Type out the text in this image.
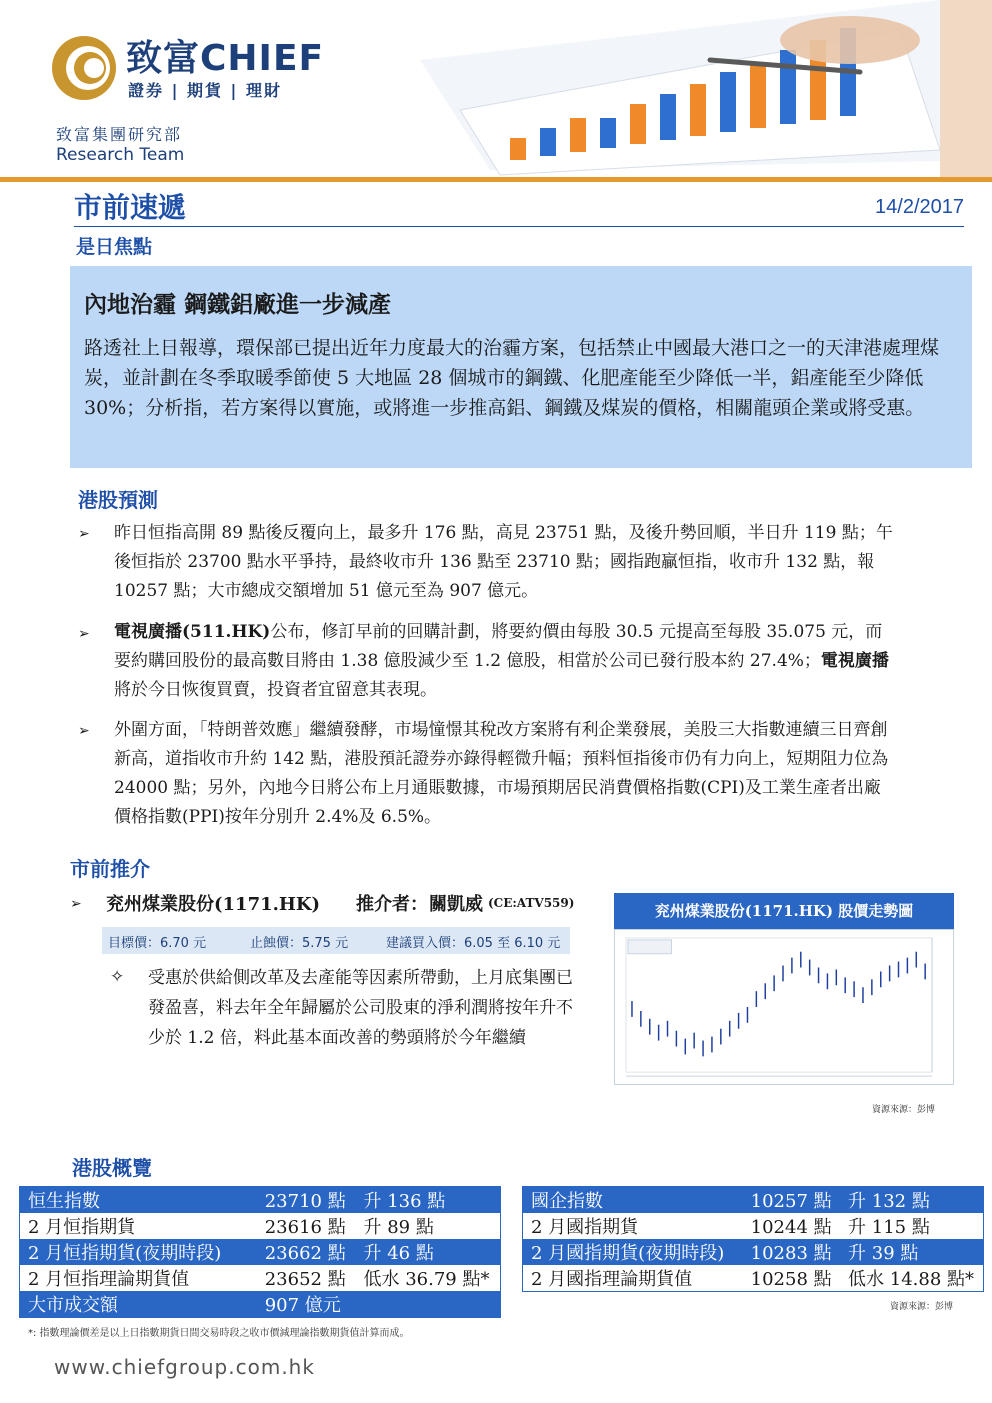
致富CHIEF
證券 | 期貨 | 理財
致富集團研究部
Research Team
市前速遞	14/2/2017
是日焦點
內地治霾 鋼鐵鋁廠進一步減產
路透社上日報導，環保部已提出近年力度最大的治霾方案，包括禁止中國最大港口之一的天津港處理煤炭，並計劃在冬季取暖季節使 5 大地區 28 個城市的鋼鐵、化肥產能至少降低一半，鋁產能至少降低 30%；分析指，若方案得以實施，或將進一步推高鋁、鋼鐵及煤炭的價格，相關龍頭企業或將受惠。
港股預測
➢ 昨日恒指高開 89 點後反覆向上，最多升 176 點，高見 23751 點，及後升勢回順，半日升 119 點；午後恒指於 23700 點水平爭持，最終收市升 136 點至 23710 點；國指跑贏恒指，收市升 132 點，報 10257 點；大市總成交額增加 51 億元至為 907 億元。
➢ 電視廣播(511.HK)公布，修訂早前的回購計劃，將要約價由每股 30.5 元提高至每股 35.075 元，而要約購回股份的最高數目將由 1.38 億股減少至 1.2 億股，相當於公司已發行股本約 27.4%；電視廣播將於今日恢復買賣，投資者宜留意其表現。
➢ 外圍方面，「特朗普效應」繼續發酵，市場憧憬其稅改方案將有利企業發展，美股三大指數連續三日齊創新高，道指收市升約 142 點，港股預託證券亦錄得輕微升幅；預料恒指後市仍有力向上，短期阻力位為 24000 點；另外，內地今日將公布上月通賬數據，市場預期居民消費價格指數(CPI)及工業生產者出廠價格指數(PPI)按年分別升 2.4%及 6.5%。
市前推介
➢ 兖州煤業股份(1171.HK) 推介者： 關凱威 (CE:ATV559)
目標價：6.70 元	止蝕價：5.75 元	建議買入價：6.05 至 6.10 元
✧ 受惠於供給側改革及去產能等因素所帶動，上月底集團已發盈喜，料去年全年歸屬於公司股東的淨利潤將按年升不少於 1.2 倍，料此基本面改善的勢頭將於今年繼續
兖州煤業股份(1171.HK) 股價走勢圖
資源來源：彭博
港股概覽
恒生指數	23710 點	升 136 點
2 月恒指期貨	23616 點	升 89 點
2 月恒指期貨(夜期時段)	23662 點	升 46 點
2 月恒指理論期貨值	23652 點	低水 36.79 點*
大市成交額	907 億元	
國企指數	10257 點	升 132 點
2 月國指期貨	10244 點	升 115 點
2 月國指期貨(夜期時段)	10283 點	升 39 點
2 月國指理論期貨值	10258 點	低水 14.88 點*
資源來源：彭博
*: 指數理論價差是以上日指數期貨日間交易時段之收市價減理論指數期貨值計算而成。
www.chiefgroup.com.hk
